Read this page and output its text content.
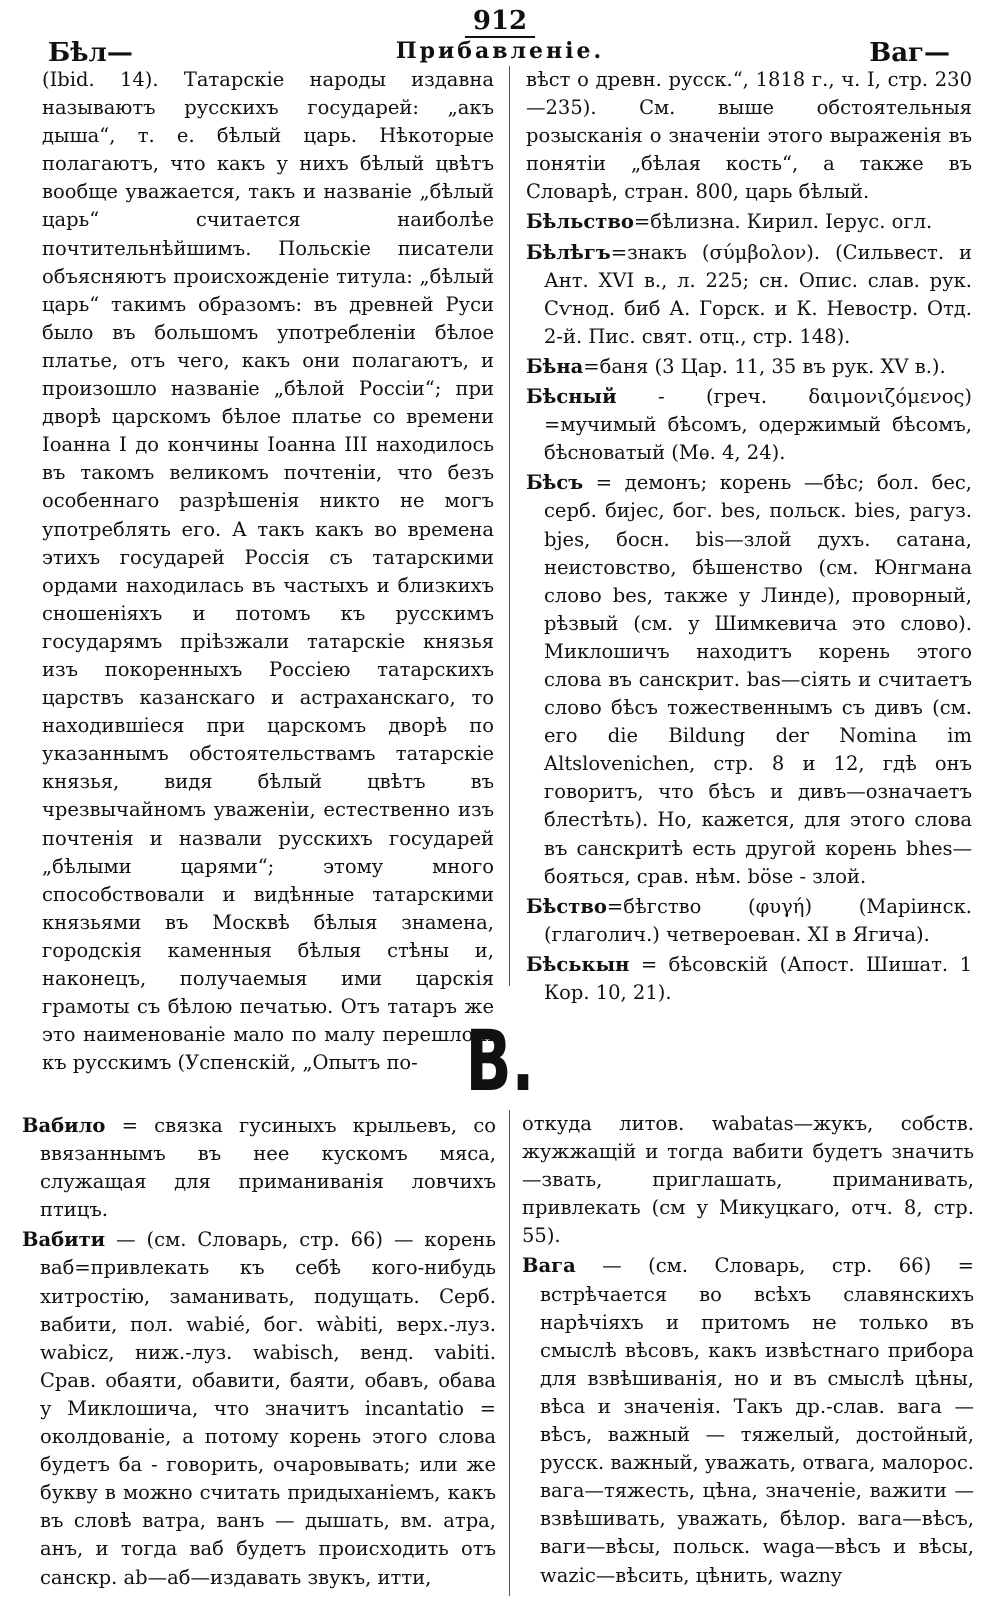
912
Бѣл—	Прибавленіе.	Ваг—

(Ibid. 14). Татарскіе народы издавна называютъ русскихъ государей: „акъ дыша“, т. е. бѣлый царь. Нѣкоторые полагаютъ, что какъ у нихъ бѣлый цвѣтъ вообще уважается, такъ и названіе „бѣлый царь“ считается наиболѣе почтительнѣйшимъ. Польскіе писатели объясняютъ происхожденіе титула: „бѣлый царь“ такимъ образомъ: въ древней Руси было въ большомъ употребленіи бѣлое платье, отъ чего, какъ они полагаютъ, и произошло названіе „бѣлой Россіи“; при дворѣ царскомъ бѣлое платье со времени Іоанна I до кончины Іоанна III находилось въ такомъ великомъ почтеніи, что безъ особеннаго разрѣшенія никто не могъ употреблять его. А такъ какъ во времена этихъ государей Россія съ татарскими ордами находилась въ частыхъ и близкихъ сношеніяхъ и потомъ къ русскимъ государямъ пріѣзжали татарскіе князья изъ покоренныхъ Россіею татарскихъ царствъ казанскаго и астраханскаго, то находившіеся при царскомъ дворѣ по указаннымъ обстоятельствамъ татарскіе князья, видя бѣлый цвѣтъ въ чрезвычайномъ уваженіи, естественно изъ почтенія и назвали русскихъ государей „бѣлыми царями“; этому много способствовали и видѣнные татарскими князьями въ Москвѣ бѣлыя знамена, городскія каменныя бѣлыя стѣны и, наконецъ, получаемыя ими царскія грамоты съ бѣлою печатью. Отъ татаръ же это наименованіе мало по малу перешло и къ русскимъ (Успенскій, „Опытъ по-

вѣст о древн. русск.“, 1818 г., ч. I, стр. 230—235). См. выше обстоятельныя розысканія о значеніи этого выраженія въ понятіи „бѣлая кость“, а также въ Словарѣ, стран. 800, царь бѣлый.

Бѣльство=бѣлизна. Кирил. Іерус. огл.

Бѣлѣгъ=знакъ (σύμβολον). (Сильвест. и Ант. XVI в., л. 225; сн. Опис. слав. рук. Сѵнод. биб А. Горск. и К. Невостр. Отд. 2-й. Пис. свят. отц., стр. 148).

Бѣна=баня (3 Цар. 11, 35 въ рук. XV в.).

Бѣсный - (греч. δαιμονιζόμενος) =мучимый бѣсомъ, одержимый бѣсомъ, бѣсноватый (Мѳ. 4, 24).

Бѣсъ = демонъ; корень —бѣс; бол. бес, серб. бијес, бог. bes, польск. bies, рагуз. bjes, босн. bis—злой духъ. сатана, неистовство, бѣшенство (см. Юнгмана слово bes, также у Линде), проворный, рѣзвый (см. у Шимкевича это слово). Миклошичъ находитъ корень этого слова въ санскрит. bas—сіять и считаетъ слово бѣсъ тожественнымъ съ дивъ (см. его die Bildung der Nomina im Altslovenichen, стр. 8 и 12, гдѣ онъ говоритъ, что бѣсъ и дивъ—означаетъ блестѣть). Но, кажется, для этого слова въ санскритѣ есть другой корень bhes—бояться, срав. нѣм. böse - злой.

Бѣство=бѣгство (φυγή) (Маріинск. (глаголич.) четвероеван. XI в Ягича).

Бѣськын = бѣсовскій (Апост. Шишат. 1 Кор. 10, 21).

В.

Вабило = связка гусиныхъ крыльевъ, со ввязаннымъ въ нее кускомъ мяса, служащая для приманиванія ловчихъ птицъ.

Вабити — (см. Словарь, стр. 66) — корень ваб=привлекать къ себѣ кого-нибудь хитростію, заманивать, подущать. Серб. вабити, пол. wabié, бог. wàbiti, верх.-луз. wabicz, ниж.-луз. wabisch, венд. vabiti. Срав. обаяти, обавити, баяти, обавъ, обава у Миклошича, что значитъ incantatio = околдованіе, а потому корень этого слова будетъ ба - говорить, очаровывать; или же букву в можно считать придыханіемъ, какъ въ словѣ ватра, ванъ — дышать, вм. атра, анъ, и тогда ваб будетъ происходить отъ санскр. ab—аб—издавать звукъ, итти,

откуда литов. wabatas—жукъ, собств. жужжащій и тогда вабити будетъ значить—звать, приглашать, приманивать, привлекать (см у Микуцкаго, отч. 8, стр. 55).

Вага — (см. Словарь, стр. 66) = встрѣчается во всѣхъ славянскихъ нарѣчіяхъ и притомъ не только въ смыслѣ вѣсовъ, какъ извѣстнаго прибора для взвѣшиванія, но и въ смыслѣ цѣны, вѣса и значенія. Такъ др.-слав. вага — вѣсъ, важный — тяжелый, достойный, русск. важный, уважать, отвага, малорос. вага—тяжесть, цѣна, значеніе, важити — взвѣшивать, уважать, бѣлор. вага—вѣсъ, ваги—вѣсы, польск. waga—вѣсъ и вѣсы, wazic—вѣсить, цѣнить, wazny
